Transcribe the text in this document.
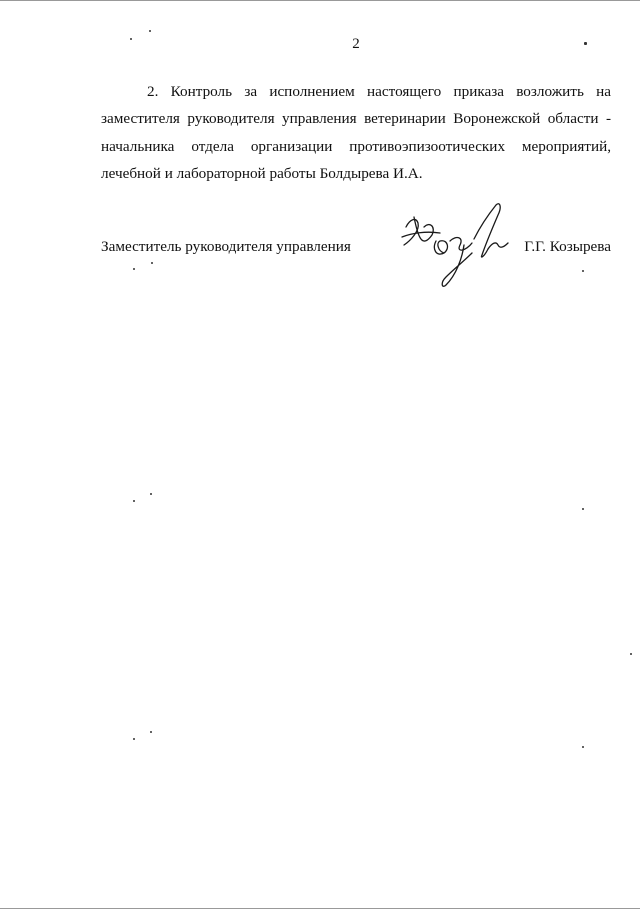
2

2. Контроль за исполнением настоящего приказа возложить на заместителя руководителя управления ветеринарии Воронежской области - начальника отдела организации противоэпизоотических мероприятий, лечебной и лабораторной работы Болдырева И.А.

Заместитель руководителя управления	Г.Г. Козырева
